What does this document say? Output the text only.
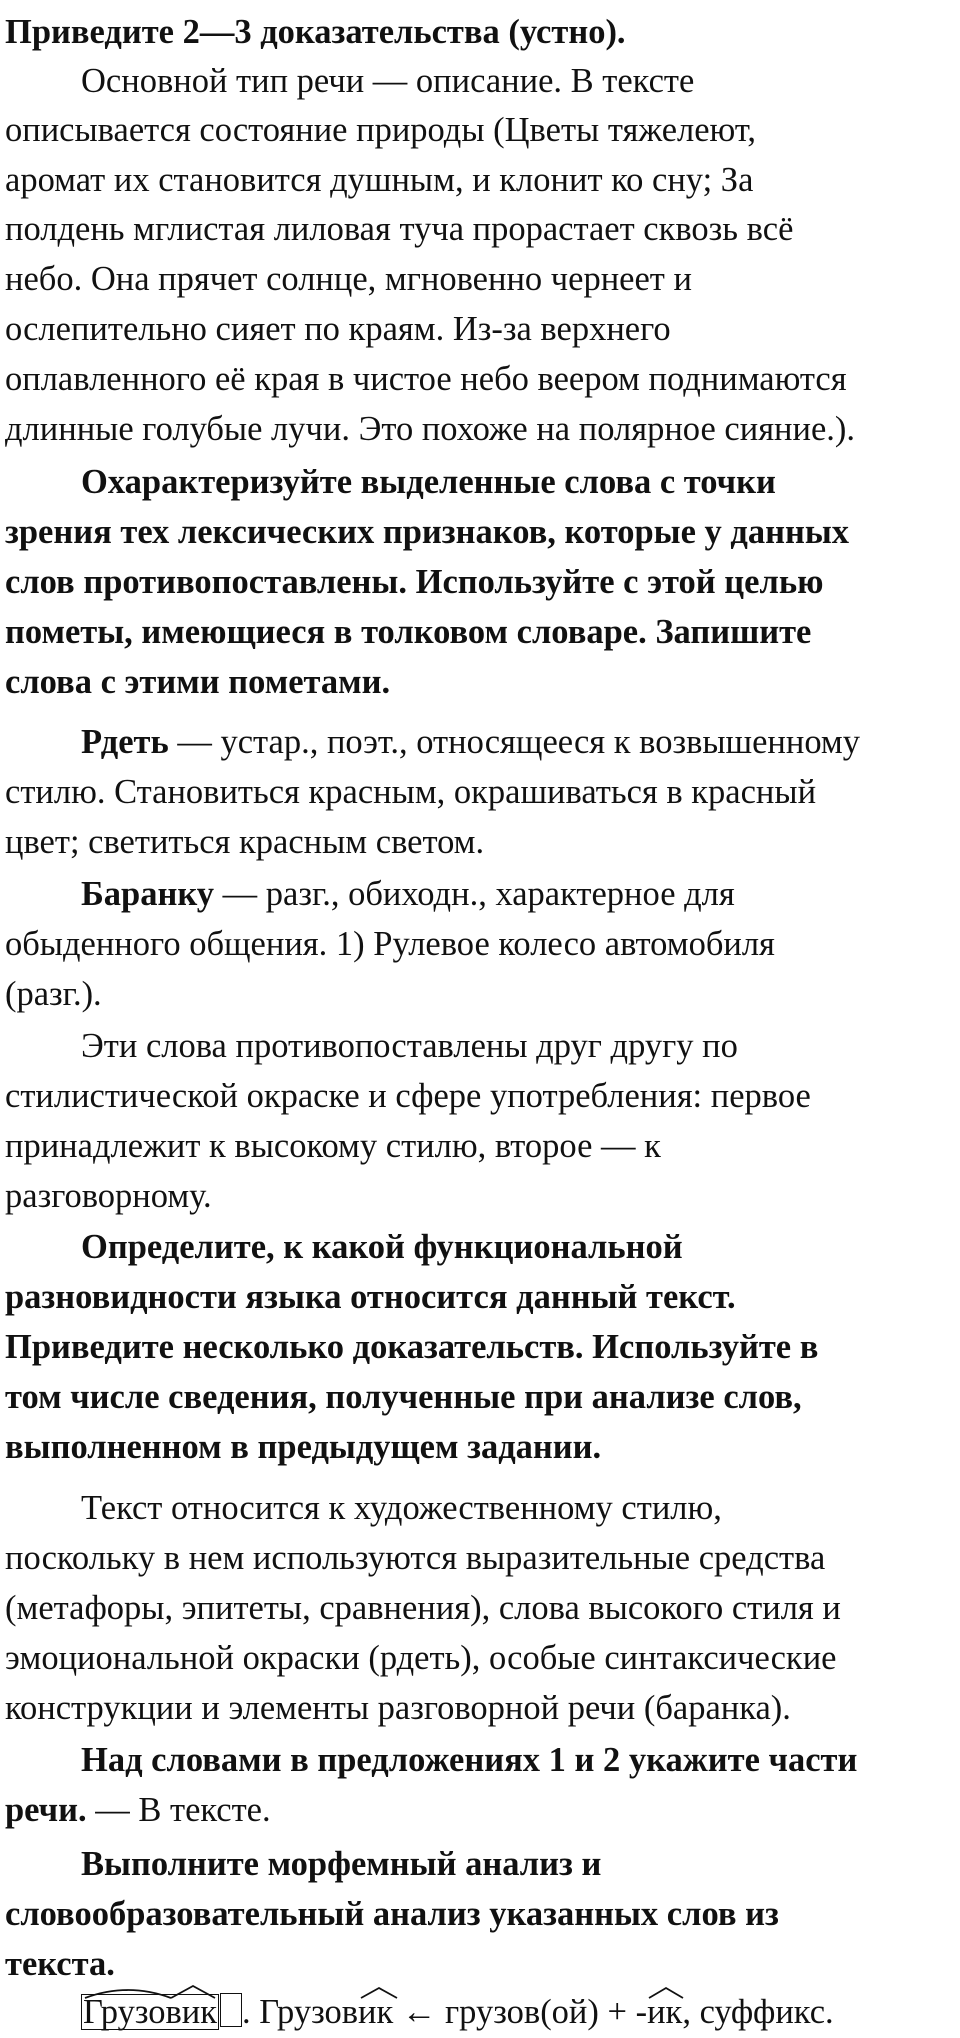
Приведите 2—3 доказательства (устно).
Основной тип речи — описание. В тексте
описывается состояние природы (Цветы тяжелеют,
аромат их становится душным, и клонит ко сну; За
полдень мглистая лиловая туча прорастает сквозь всё
небо. Она прячет солнце, мгновенно чернеет и
ослепительно сияет по краям. Из-за верхнего
оплавленного её края в чистое небо веером поднимаются
длинные голубые лучи. Это похоже на полярное сияние.).
Охарактеризуйте выделенные слова с точки
зрения тех лексических признаков, которые у данных
слов противопоставлены. Используйте с этой целью
пометы, имеющиеся в толковом словаре. Запишите
слова с этими пометами.
Рдеть — устар., поэт., относящееся к возвышенному
стилю. Становиться красным, окрашиваться в красный
цвет; светиться красным светом.
Баранку — разг., обиходн., характерное для
обыденного общения. 1) Рулевое колесо автомобиля
(разг.).
Эти слова противопоставлены друг другу по
стилистической окраске и сфере употребления: первое
принадлежит к высокому стилю, второе — к
разговорному.
Определите, к какой функциональной
разновидности языка относится данный текст.
Приведите несколько доказательств. Используйте в
том числе сведения, полученные при анализе слов,
выполненном в предыдущем задании.
Текст относится к художественному стилю,
поскольку в нем используются выразительные средства
(метафоры, эпитеты, сравнения), слова высокого стиля и
эмоциональной окраски (рдеть), особые синтаксические
конструкции и элементы разговорной речи (баранка).
Над словами в предложениях 1 и 2 укажите части
речи. — В тексте.
Выполните морфемный анализ и
словообразовательный анализ указанных слов из
текста.
Грузовик . Грузови
к ← грузов(ой) + -
ик, суффикс.
